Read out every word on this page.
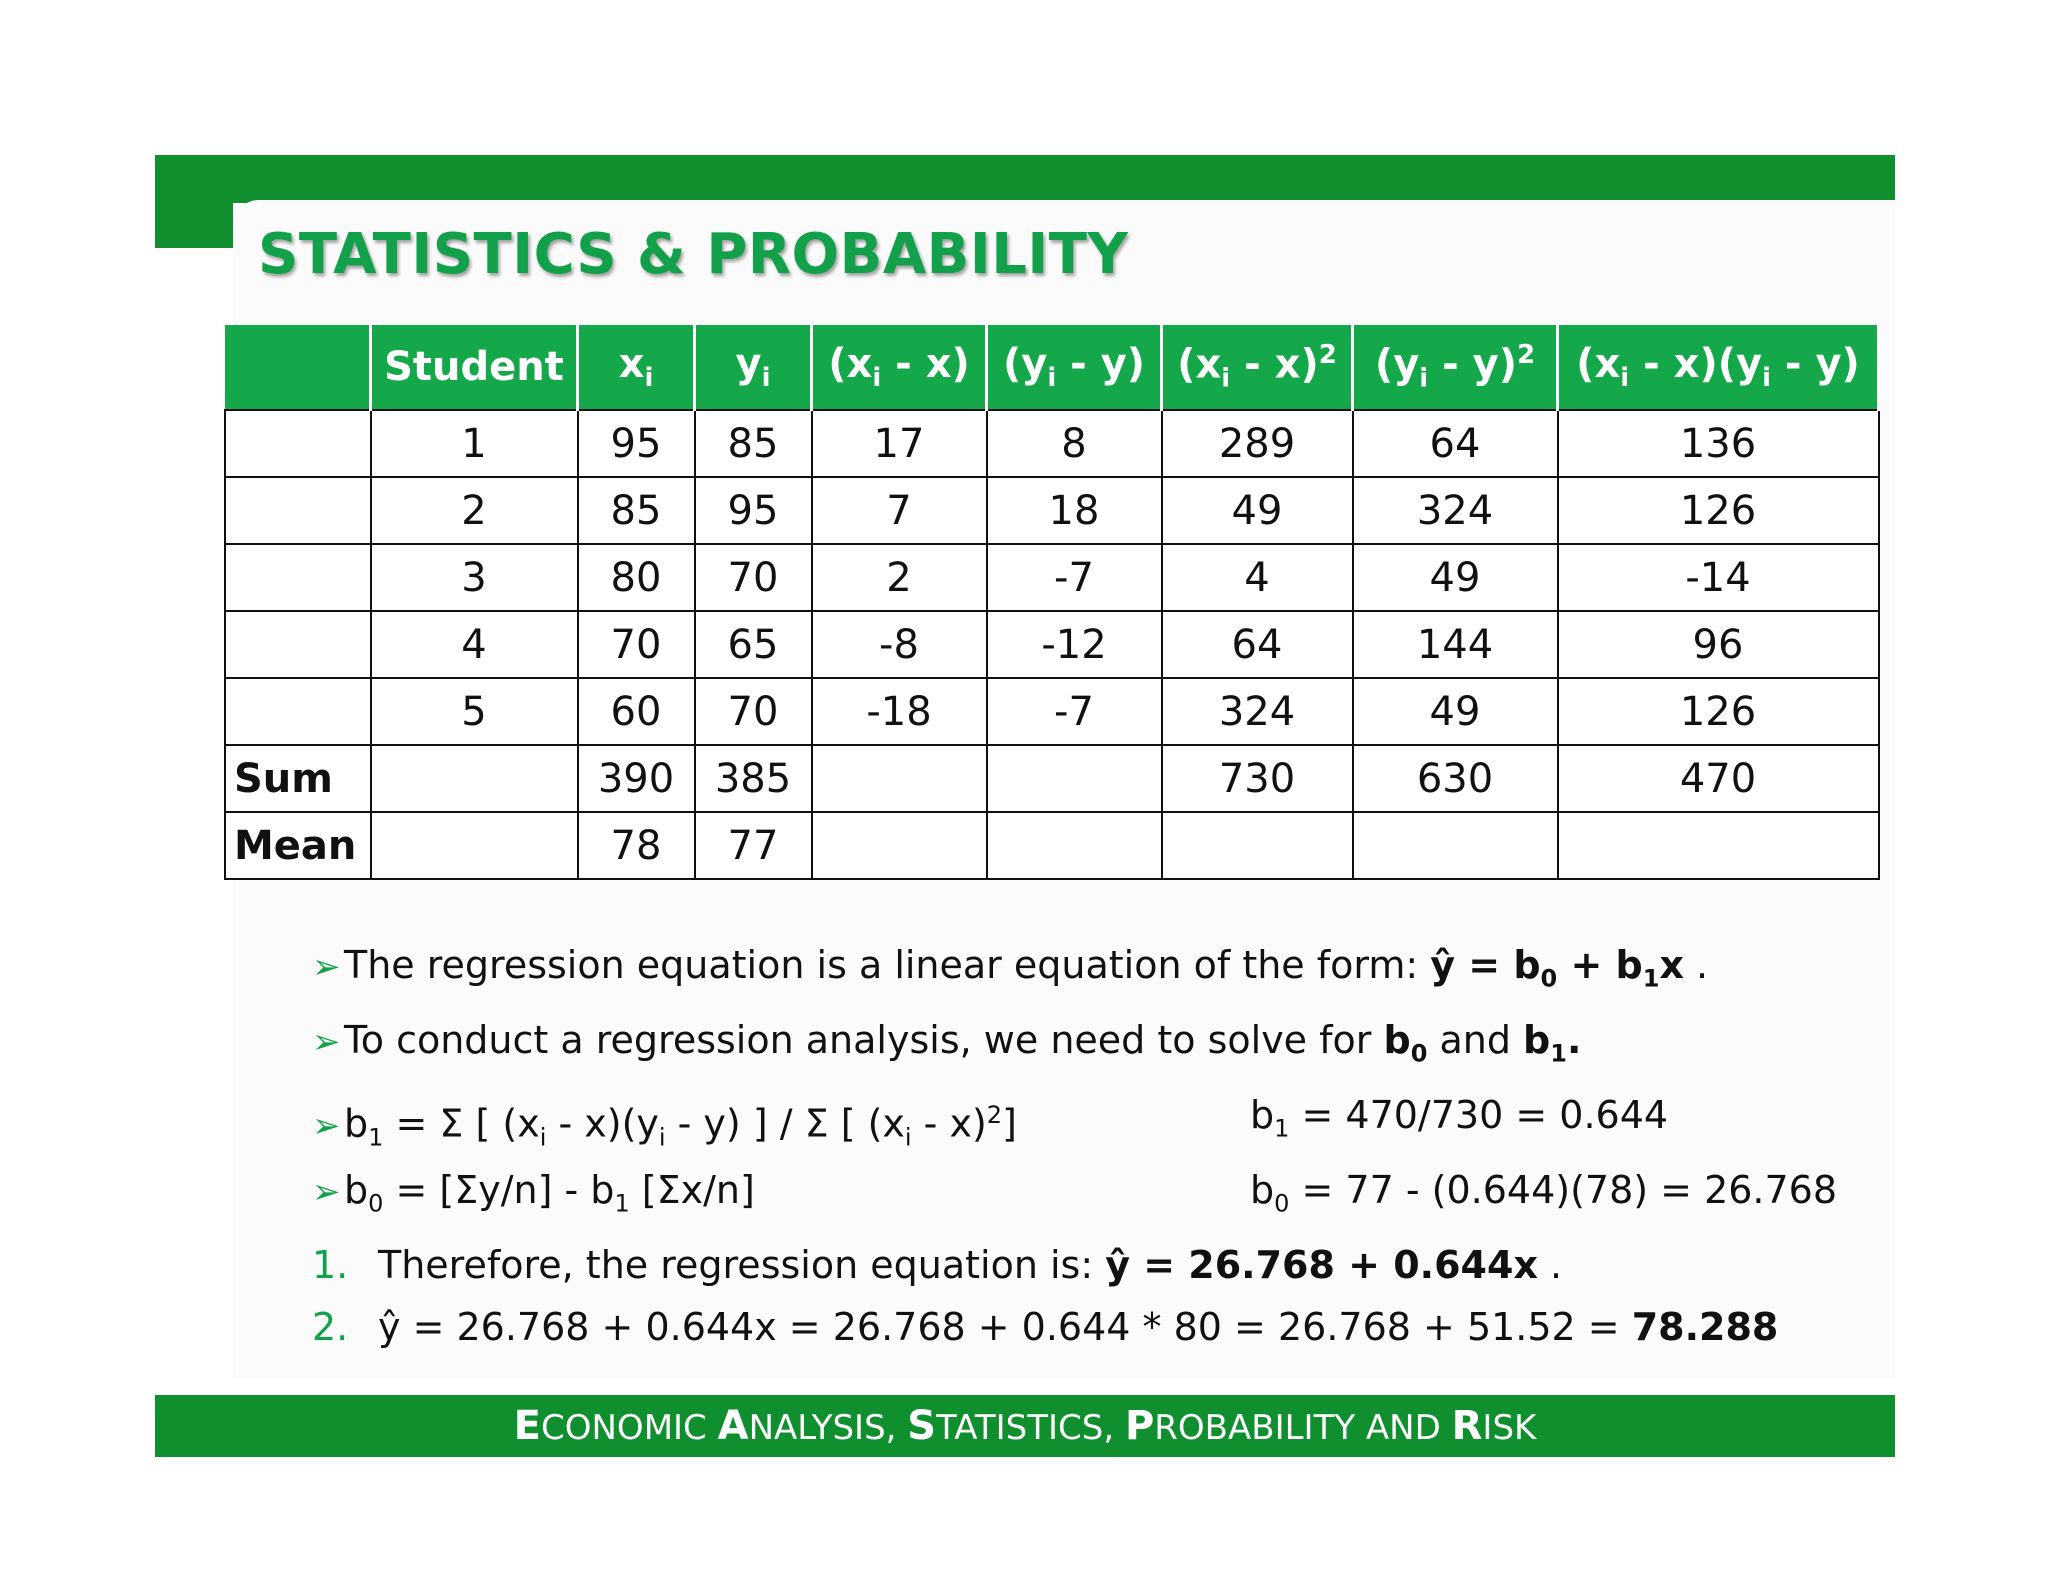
STATISTICS & PROBABILITY
	Student	$x_i$	$y_i$	$(x_i - x)$	$(y_i - y)$	$(x_i - x)^2$	$(y_i - y)^2$	$(x_i - x)(y_i - y)$
	1	95	85	17	8	289	64	136
	2	85	95	7	18	49	324	126
	3	80	70	2	-7	4	49	-14
	4	70	65	-8	-12	64	144	96
	5	60	70	-18	-7	324	49	126
Sum		390	385			730	630	470
Mean		78	77					
➢The regression equation is a linear equation of the form: ŷ = $b_0 + b_1x$ .
➢To conduct a regression analysis, we need to solve for $b_0$ and $b_1$.
$➢b_1 = \Sigma$ [ $(x_i - x)(y_i - y)$ ] / Σ [ $(x_i - x)^2$]	$b_1 = 470/730 = 0.644$
$➢b_0 = [\Sigma y/n] - b_1$ [Σx/n]	$b_0 = 77 - (0.644)(78) = 26.768$
1. Therefore, the regression equation is: ŷ = 26.768 + 0.644x .
2. ŷ = 26.768 + 0.644x = 26.768 + 0.644 * 80 = 26.768 + 51.52 = 78.288
ECONOMIC ANALYSIS, STATISTICS, PROBABILITY AND RISK
